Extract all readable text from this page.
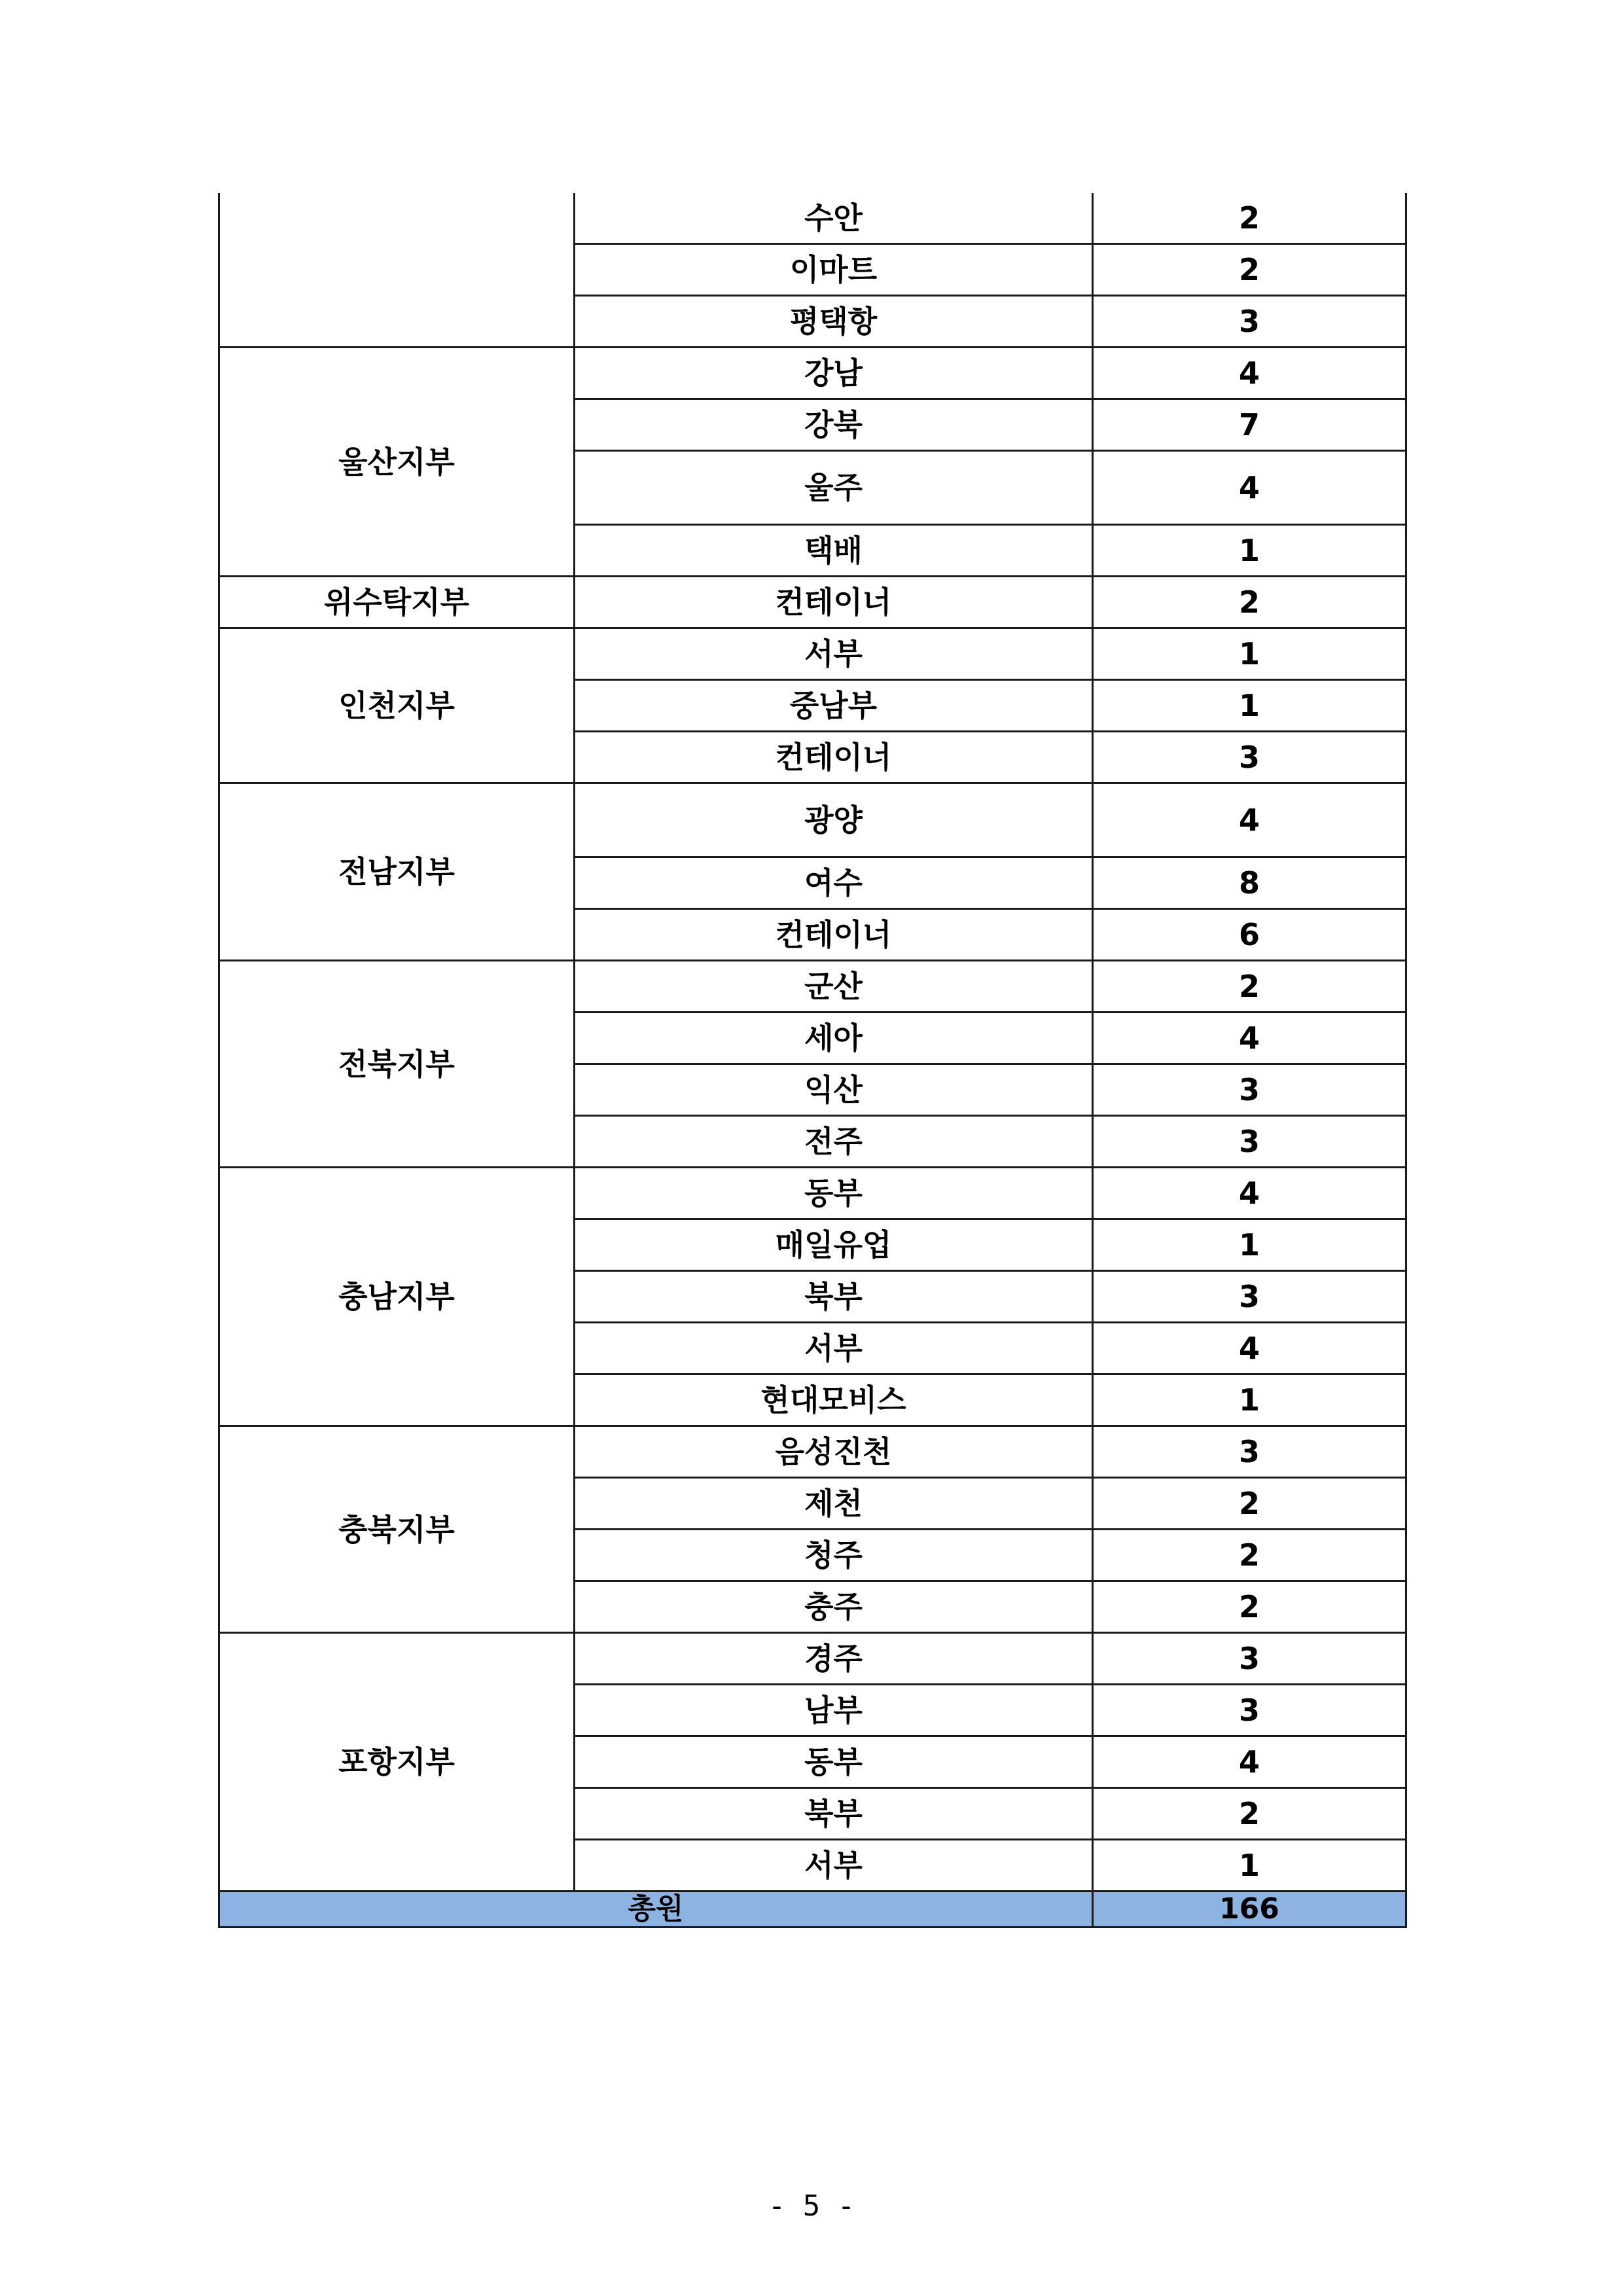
	수안	2
	이마트	2
	평택항	3
울산지부	강남	4
	강북	7
	울주	4
	택배	1
위수탁지부	컨테이너	2
인천지부	서부	1
	중남부	1
	컨테이너	3
전남지부	광양	4
	여수	8
	컨테이너	6
전북지부	군산	2
	세아	4
	익산	3
	전주	3
충남지부	동부	4
	매일유업	1
	북부	3
	서부	4
	현대모비스	1
충북지부	음성진천	3
	제천	2
	청주	2
	충주	2
포항지부	경주	3
	남부	3
	동부	4
	북부	2
	서부	1
총원		166
- 5 -
